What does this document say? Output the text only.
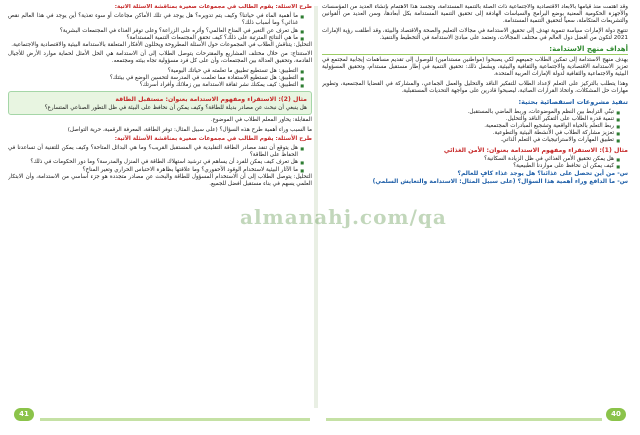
طرح الأسئلة: يقوم الطالب في مجموعات صغيرة بمناقشة الأسئلة الآتية:

■ ما أهمية الماء في حياتنا؟ وكيف يتم تدويره؟ هل يوجد في تلك الأماكن مجاعات أو سوء تغذية؟ أين يوجد في هذا العالم نقص غذائي؟ وما أسباب ذلك؟
■ هل تعرف عن التغير في المناخ العالمي؟ وأثره على الزراعة؟ وعلى توفر الغذاء في المجتمعات البشرية؟
■ ما هي النتائج المترتبة على ذلك؟ كيف تحقق المجتمعات التنمية المستدامة؟

التحليل: يتناقش الطلاب في المجموعات حول الأسئلة المطروحة ويحللون الأفكار المتعلقة بالاستدامة البيئية والاقتصادية والاجتماعية.

الاستنتاج: من خلال مختلف المشاريع والمقترحات يتوصل الطلاب إلى أن الاستدامة هي الحل الأمثل لحماية موارد الأرض للأجيال القادمة، وتحقيق العدالة بين المجتمعات، وأن على كل فرد مسؤولية تجاه بيئته ومجتمعه.

■ التطبيق: هل تستطيع تطبيق ما تعلمته في حياتك اليومية؟
■ التطبيق: هل تستطيع الاستفادة مما تعلمت في المدرسة لتحسين الوضع في بيئتك؟
■ التطبيق: كيف يمكنك نشر ثقافة الاستدامة بين زملائك وأفراد أسرتك؟

مثال (2): الاستقراء ومفهوم الاستدامة بعنوان: مستقبل الطاقة

هل ينبغي أن نبحث عن مصادر بديلة للطاقة؟ وكيف يمكن أن نحافظ على البيئة في ظل التطور الصناعي المتسارع؟

المقابلة: يحاور المعلم الطلاب في الموضوع.

ما السبب وراء أهمية طرح هذه السؤال؟ (على سبيل المثال: توفر الطاقة، المعرفة الرقمية، حرية التواصل)

طرح الأسئلة: يقوم الطالب في مجموعات صغيرة بمناقشة الأسئلة الآتية:

■ هل يتوقع أن تنفد مصادر الطاقة التقليدية في المستقبل القريب؟ وما هي البدائل المتاحة؟ وكيف يمكن للتقنية أن تساعدنا في الحفاظ على الطاقة؟
■ هل تعرف كيف يمكن للفرد أن يساهم في ترشيد استهلاك الطاقة في المنزل والمدرسة؟ وما دور الحكومات في ذلك؟
■ ما الآثار البيئية لاستخدام الوقود الأحفوري؟ وما علاقتها بظاهرة الاحتباس الحراري وتغير المناخ؟

التحليل: يتوصل الطلاب إلى أن الاستخدام المسؤول للطاقة والبحث عن مصادر متجددة هو جزء أساسي من الاستدامة، وأن الابتكار العلمي يسهم في بناء مستقبل أفضل للجميع.

وقد اهتمت منذ قيامها بالأبعاد الاقتصادية والاجتماعية ذات الصلة بالتنمية المستدامة، وتجسد هذا الاهتمام بإنشاء العديد من المؤسسات والأجهزة الحكومية المعنية بوضع البرامج والسياسات الهادفة إلى تحقيق التنمية المستدامة بكل أبعادها، وسن العديد من القوانين والتشريعات المتكاملة، سعياً لتحقيق التنمية المستدامة.

تنتهج دولة الإمارات سياسة تنموية تهدف إلى تحقيق الاستدامة في مجالات التعليم والصحة والاقتصاد والبيئة، وقد أطلقت رؤية الإمارات 2021 لتكون من أفضل دول العالم في مختلف المجالات، وتعتمد على مبادئ الاستدامة في التخطيط والتنفيذ.

أهداف منهج الاستدامة:

يهدف منهج الاستدامة إلى تمكين الطلاب جميعهم لكي يصبحوا (مواطنين مستدامين) للوصول إلى تقديم مساهمات إيجابية لمجتمع في تعزيز الاستدامة الاقتصادية والاجتماعية والثقافية والبيئية، ويشمل ذلك: تحقيق التنمية في إطار مستقبل مستدام، وتحقيق المسؤولية البيئية والاجتماعية والثقافية لدولة الإمارات العربية المتحدة.

وهذا يتطلب بالتركيز على التعلم لإعداد الطلاب للتفكير الناقد والتحليل والعمل الجماعي، والمشاركة في القضايا المجتمعية، وتطوير مهارات حل المشكلات، واتخاذ القرارات الصائبة، ليصبحوا قادرين على مواجهة التحديات المستقبلية.

تنفيذ مشروعات استقصائية بحثية:

■ تبنّي الترابط بين النظم والموضوعات، وربط الماضي بالمستقبل.
■ تنمية قدرة الطلاب على التفكير الناقد والتحليل.
■ ربط التعلم بالحياة الواقعية وتشجيع المبادرات المجتمعية.
■ تعزيز مشاركة الطلاب في الأنشطة البيئية والتطوعية.
■ تطبيق المهارات والاستراتيجيات في التعلم الذاتي.

مثال (1): الاستقراء ومفهوم الاستدامة بعنوان: الأمن الغذائي

■ هل يمكن تحقيق الأمن الغذائي في ظل الزيادة السكانية؟
■ كيف يمكن أن نحافظ على مواردنا الطبيعية؟

س- من أين تحصل على غذائنا؟ هل يوجد غذاء كافٍ للعالم؟

س- ما الدافع وراء أهمية هذا السؤال؟ (على سبيل المثال: الاستدامة والتعايش السلمي)

almanahj.com/qa
41	40
